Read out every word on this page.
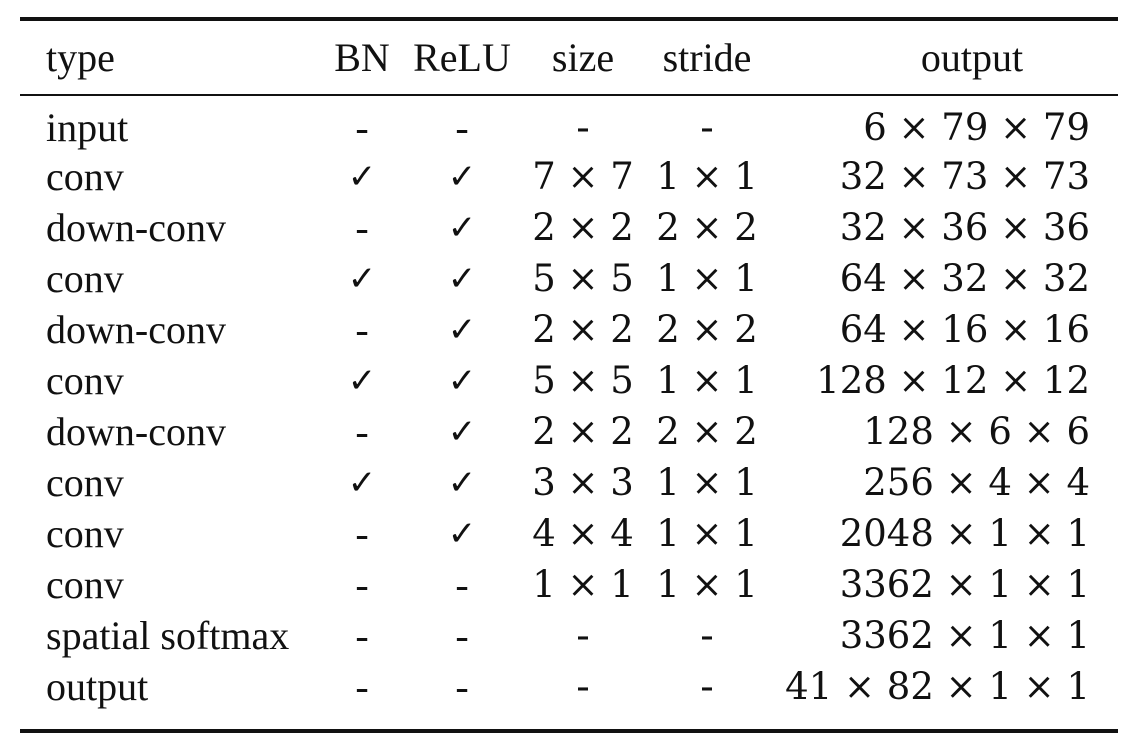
type	BN	ReLU	size	stride	output
input	-	-	-	-	6 × 79 × 79
conv	✓	✓	7 × 7	1 × 1	32 × 73 × 73
down-conv	-	✓	2 × 2	2 × 2	32 × 36 × 36
conv	✓	✓	5 × 5	1 × 1	64 × 32 × 32
down-conv	-	✓	2 × 2	2 × 2	64 × 16 × 16
conv	✓	✓	5 × 5	1 × 1	128 × 12 × 12
down-conv	-	✓	2 × 2	2 × 2	128 × 6 × 6
conv	✓	✓	3 × 3	1 × 1	256 × 4 × 4
conv	-	✓	4 × 4	1 × 1	2048 × 1 × 1
conv	-	-	1 × 1	1 × 1	3362 × 1 × 1
spatial softmax	-	-	-	-	3362 × 1 × 1
output	-	-	-	-	41 × 82 × 1 × 1
